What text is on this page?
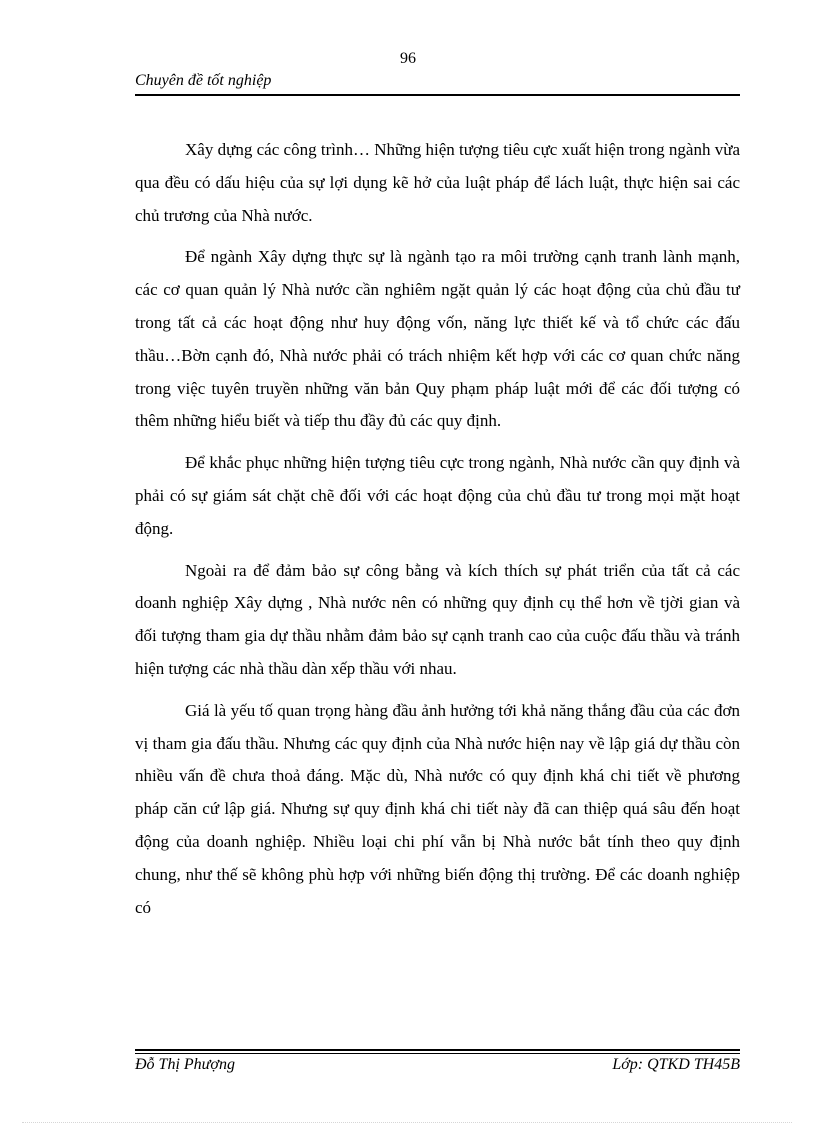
96
Chuyên đề tốt nghiệp

Xây dựng các công trình… Những hiện tượng tiêu cực xuất hiện trong ngành vừa qua đều có dấu hiệu của sự lợi dụng kẽ hở của luật pháp để lách luật, thực hiện sai các chủ trương của Nhà nước.

Để ngành Xây dựng thực sự là ngành tạo ra môi trường cạnh tranh lành mạnh, các cơ quan quản lý Nhà nước cần nghiêm ngặt quản lý các hoạt động của chủ đầu tư trong tất cả các hoạt động như huy động vốn, năng lực thiết kế và tổ chức các đấu thầu…Bờn cạnh đó, Nhà nước phải có trách nhiệm kết hợp với các cơ quan chức năng trong việc tuyên truyền những văn bản Quy phạm pháp luật mới để các đối tượng có thêm những hiểu biết và tiếp thu đầy đủ các quy định.

Để khắc phục những hiện tượng tiêu cực trong ngành, Nhà nước cần quy định và phải có sự giám sát chặt chẽ đối với các hoạt động của chủ đầu tư trong mọi mặt hoạt động.

Ngoài ra để đảm bảo sự công bằng và kích thích sự phát triển của tất cả các doanh nghiệp Xây dựng , Nhà nước nên có những quy định cụ thể hơn về tjời gian và đối tượng tham gia dự thầu nhằm đảm bảo sự cạnh tranh cao của cuộc đấu thầu và tránh hiện tượng các nhà thầu dàn xếp thầu với nhau.

Giá là yếu tố quan trọng hàng đầu ảnh hưởng tới khả năng thắng đầu của các đơn vị tham gia đấu thầu. Nhưng các quy định của Nhà nước hiện nay về lập giá dự thầu còn nhiều vấn đề chưa thoả đáng. Mặc dù, Nhà nước có quy định khá chi tiết về phương pháp căn cứ lập giá. Nhưng sự quy định khá chi tiết này đã can thiệp quá sâu đến hoạt động của doanh nghiệp. Nhiều loại chi phí vẫn bị Nhà nước bắt tính theo quy định chung, như thế sẽ không phù hợp với những biến động thị trường. Để các doanh nghiệp có

Đỗ Thị Phượng	Lớp: QTKD TH45B
